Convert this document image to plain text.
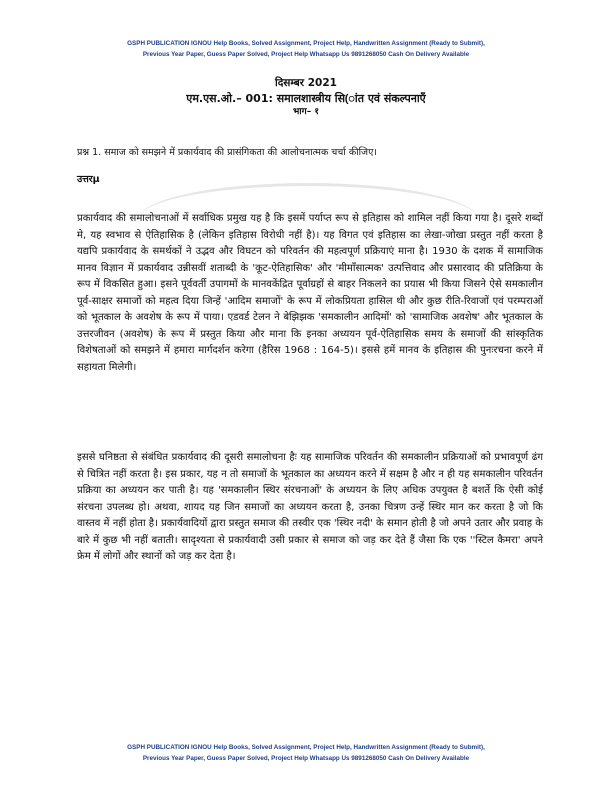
GSPH PUBLICATION IGNOU Help Books, Solved Assignment, Project Help, Handwritten Assignment (Ready to Submit),
Previous Year Paper, Guess Paper Solved, Project Help Whatsapp Us 9891268050 Cash On Delivery Available
दिसम्बर 2021
एम.एस.ओ.– 001: समालशास्त्रीय सि(ांत एवं संकल्पनाएँ
भाग– १
प्रश्न 1. समाज को समझने में प्रकार्यवाद की प्रासंगिकता की आलोचनात्मक चर्चा कीजिए।
उत्तरμ

प्रकार्यवाद की समालोचनाओं में सर्वाधिक प्रमुख यह है कि इसमें पर्याप्त रूप से इतिहास को शामिल नहीं किया गया है। दूसरे शब्दों मे, यह स्वभाव से ऐतिहासिक है (लेकिन इतिहास विरोधी नहीं है)। यह विगत एवं इतिहास का लेखा-जोखा प्रस्तुत नहीं करता है यद्यपि प्रकार्यवाद के समर्थकों ने उद्भव और विघटन को परिवर्तन की महत्वपूर्ण प्रक्रियाएं माना है। 1930 के दशक में सामाजिक मानव विज्ञान में प्रकार्यवाद उन्नीसवीं शताब्दी के 'कूट-ऐतिहासिक' और 'मीमाँसात्मक' उत्पत्तिवाद और प्रसारवाद की प्रतिक्रिया के रूप में विकसित हुआ। इसने पूर्ववर्ती उपागमों के मानवकेंद्रित पूर्वाग्रहों से बाहर निकलने का प्रयास भी किया जिसने ऐसे समकालीन पूर्व-साक्षर समाजों को महत्व दिया जिन्हें 'आदिम समाजों' के रूप में लोकप्रियता हासिल थी और कुछ रीति-रिवाजों एवं परम्पराओं को भूतकाल के अवशेष के रूप में पाया। एडवर्ड टेलन ने बेझिझक 'समकालीन आदिमों' को 'सामाजिक अवशेष' और भूतकाल के उत्तरजीवन (अवशेष) के रूप में प्रस्तुत किया और माना कि इनका अध्ययन पूर्व-ऐतिहासिक समय के समाजों की सांस्कृतिक विशेषताओं को समझने में हमारा मार्गदर्शन करेगा (हैरिस 1968 : 164-5)। इससे हमें मानव के इतिहास की पुनःरचना करने में सहायता मिलेगी।

इससे घनिष्ठता से संबंधित प्रकार्यवाद की दूसरी समालोचना हैः यह सामाजिक परिवर्तन की समकालीन प्रक्रियाओं को प्रभावपूर्ण ढंग से चित्रित नहीं करता है। इस प्रकार, यह न तो समाजों के भूतकाल का अध्ययन करने में सक्षम है और न ही यह समकालीन परिवर्तन प्रक्रिया का अध्ययन कर पाती है। यह 'समकालीन स्थिर संरचनाओं' के अध्ययन के लिए अधिक उपयुक्त है बशर्ते कि ऐसी कोई संरचना उपलब्ध हो। अथवा, शायद यह जिन समाजों का अध्ययन करता है, उनका चित्रण उन्हें स्थिर मान कर करता है जो कि वास्तव में नहीं होता है। प्रकार्यवादियों द्वारा प्रस्तुत समाज की तस्वीर एक 'स्थिर नदी' के समान होती है जो अपने उतार और प्रवाह के बारे में कुछ भी नहीं बताती। सादृश्यता से प्रकार्यवादी उसी प्रकार से समाज को जड़ कर देते हैं जैसा कि एक ''स्टिल कैमरा' अपने फ्रेम में लोगों और स्थानों को जड़ कर देता है।

GSPH PUBLICATION IGNOU Help Books, Solved Assignment, Project Help, Handwritten Assignment (Ready to Submit),
Previous Year Paper, Guess Paper Solved, Project Help Whatsapp Us 9891268050 Cash On Delivery Available
